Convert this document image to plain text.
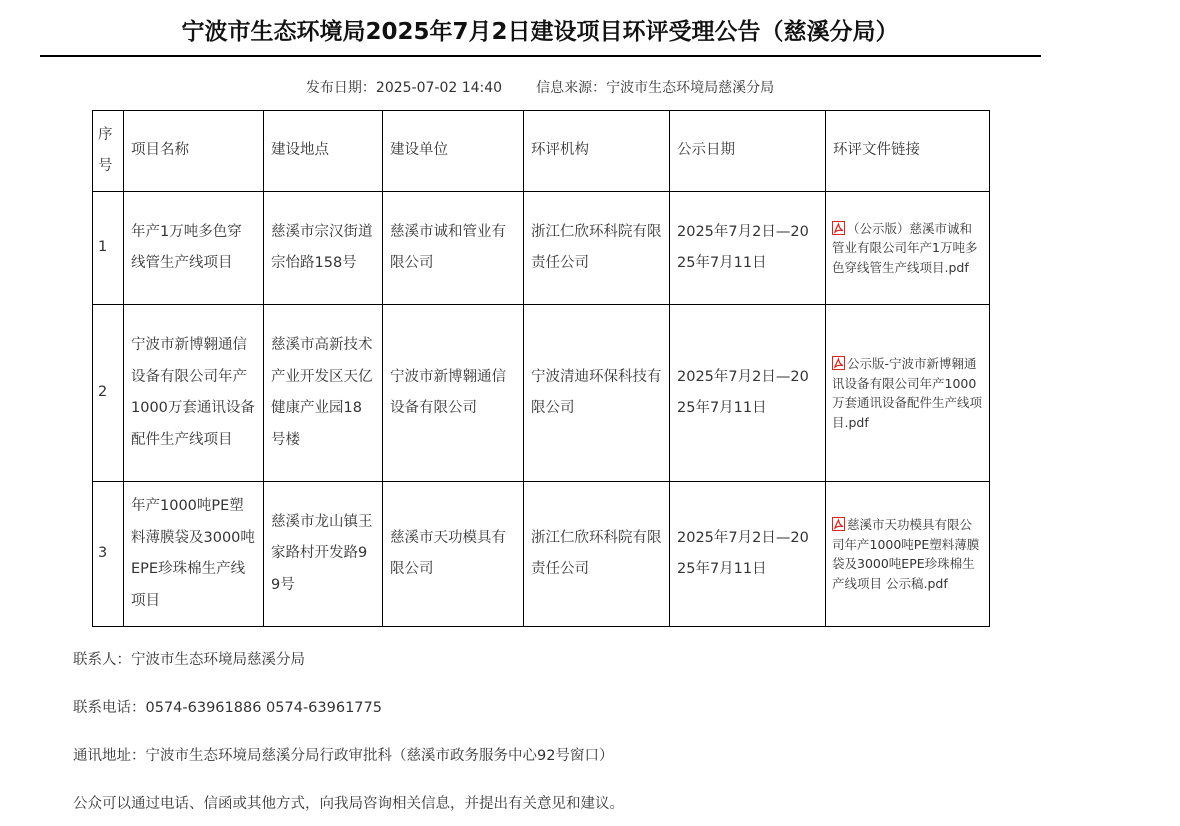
宁波市生态环境局2025年7月2日建设项目环评受理公告（慈溪分局）
发布日期：2025-07-02 14:40 信息来源：宁波市生态环境局慈溪分局
序号	项目名称	建设地点	建设单位	环评机构	公示日期	环评文件链接
1	年产1万吨多色穿线管生产线项目	慈溪市宗汉街道宗怡路158号	慈溪市诚和管业有限公司	浙江仁欣环科院有限责任公司	2025年7月2日—2025年7月11日	（公示版）慈溪市诚和管业有限公司年产1万吨多色穿线管生产线项目.pdf
2	宁波市新博翱通信设备有限公司年产1000万套通讯设备配件生产线项目	慈溪市高新技术产业开发区天亿健康产业园18号楼	宁波市新博翱通信设备有限公司	宁波清迪环保科技有限公司	2025年7月2日—2025年7月11日	公示版-宁波市新博翱通讯设备有限公司年产1000万套通讯设备配件生产线项目.pdf
3	年产1000吨PE塑料薄膜袋及3000吨EPE珍珠棉生产线项目	慈溪市龙山镇王家路村开发路99号	慈溪市天功模具有限公司	浙江仁欣环科院有限责任公司	2025年7月2日—2025年7月11日	慈溪市天功模具有限公司年产1000吨PE塑料薄膜袋及3000吨EPE珍珠棉生产线项目 公示稿.pdf

联系人：宁波市生态环境局慈溪分局

联系电话：0574-63961886 0574-63961775

通讯地址：宁波市生态环境局慈溪分局行政审批科（慈溪市政务服务中心92号窗口）

公众可以通过电话、信函或其他方式，向我局咨询相关信息，并提出有关意见和建议。
